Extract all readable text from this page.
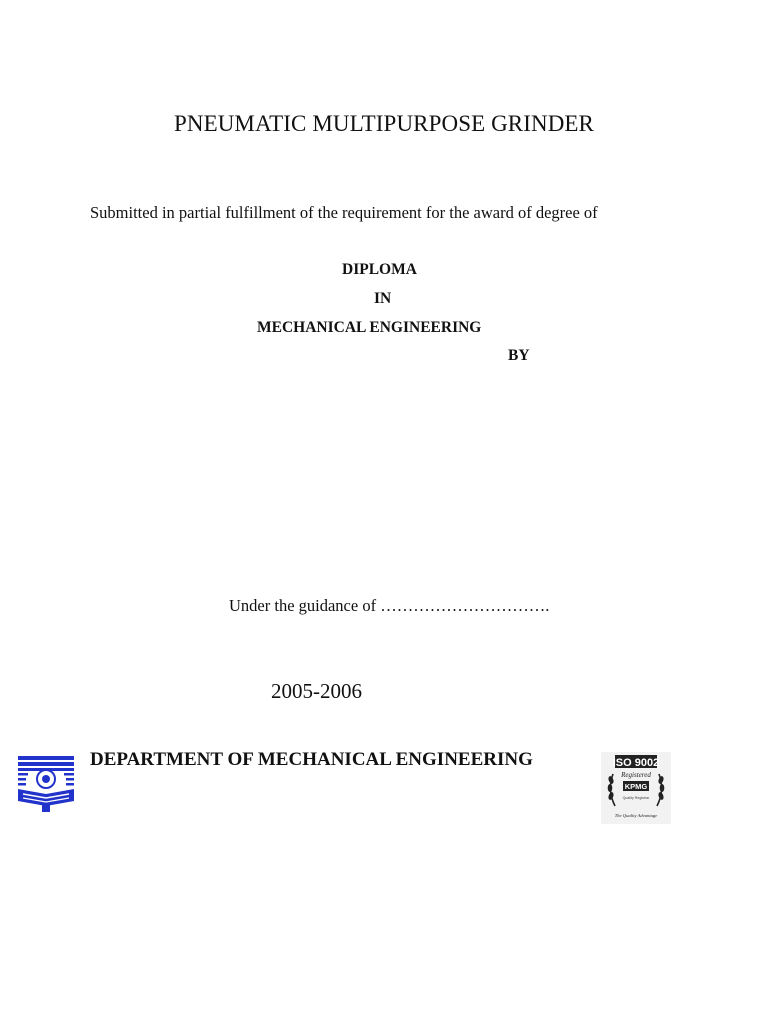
PNEUMATIC MULTIPURPOSE GRINDER
Submitted in partial fulfillment of the requirement for the award of degree of
DIPLOMA
IN
MECHANICAL ENGINEERING
BY
Under the guidance of ………………………….
2005-2006
DEPARTMENT OF MECHANICAL ENGINEERING	ISO 9002
Registered
KPMG
Quality Registrar
The Quality Advantage
